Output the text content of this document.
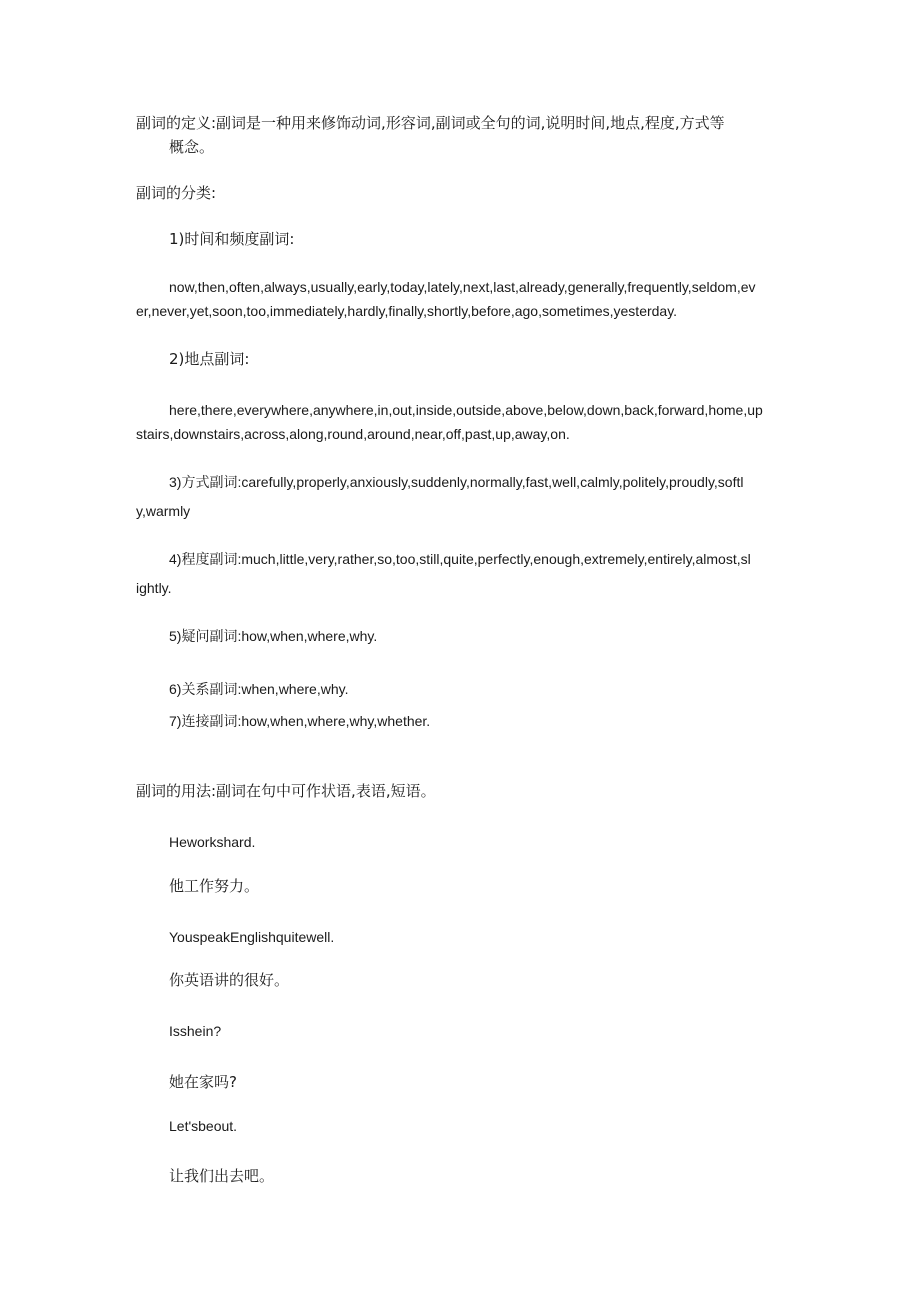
副词的定义:副词是一种用来修饰动词,形容词,副词或全句的词,说明时间,地点,程度,方式等
概念。
副词的分类:
1)时间和频度副词:
now,then,often,always,usually,early,today,lately,next,last,already,generally,frequently,seldom,ev
er,never,yet,soon,too,immediately,hardly,finally,shortly,before,ago,sometimes,yesterday.
2)地点副词:
here,there,everywhere,anywhere,in,out,inside,outside,above,below,down,back,forward,home,up
stairs,downstairs,across,along,round,around,near,off,past,up,away,on.
3)方式副词:carefully,properly,anxiously,suddenly,normally,fast,well,calmly,politely,proudly,softl
y,warmly
4)程度副词:much,little,very,rather,so,too,still,quite,perfectly,enough,extremely,entirely,almost,sl
ightly.
5)疑问副词:how,when,where,why.
6)关系副词:when,where,why.
7)连接副词:how,when,where,why,whether.
副词的用法:副词在句中可作状语,表语,短语。
Heworkshard.
他工作努力。
YouspeakEnglishquitewell.
你英语讲的很好。
Isshein?
她在家吗?
Let'sbeout.
让我们出去吧。
